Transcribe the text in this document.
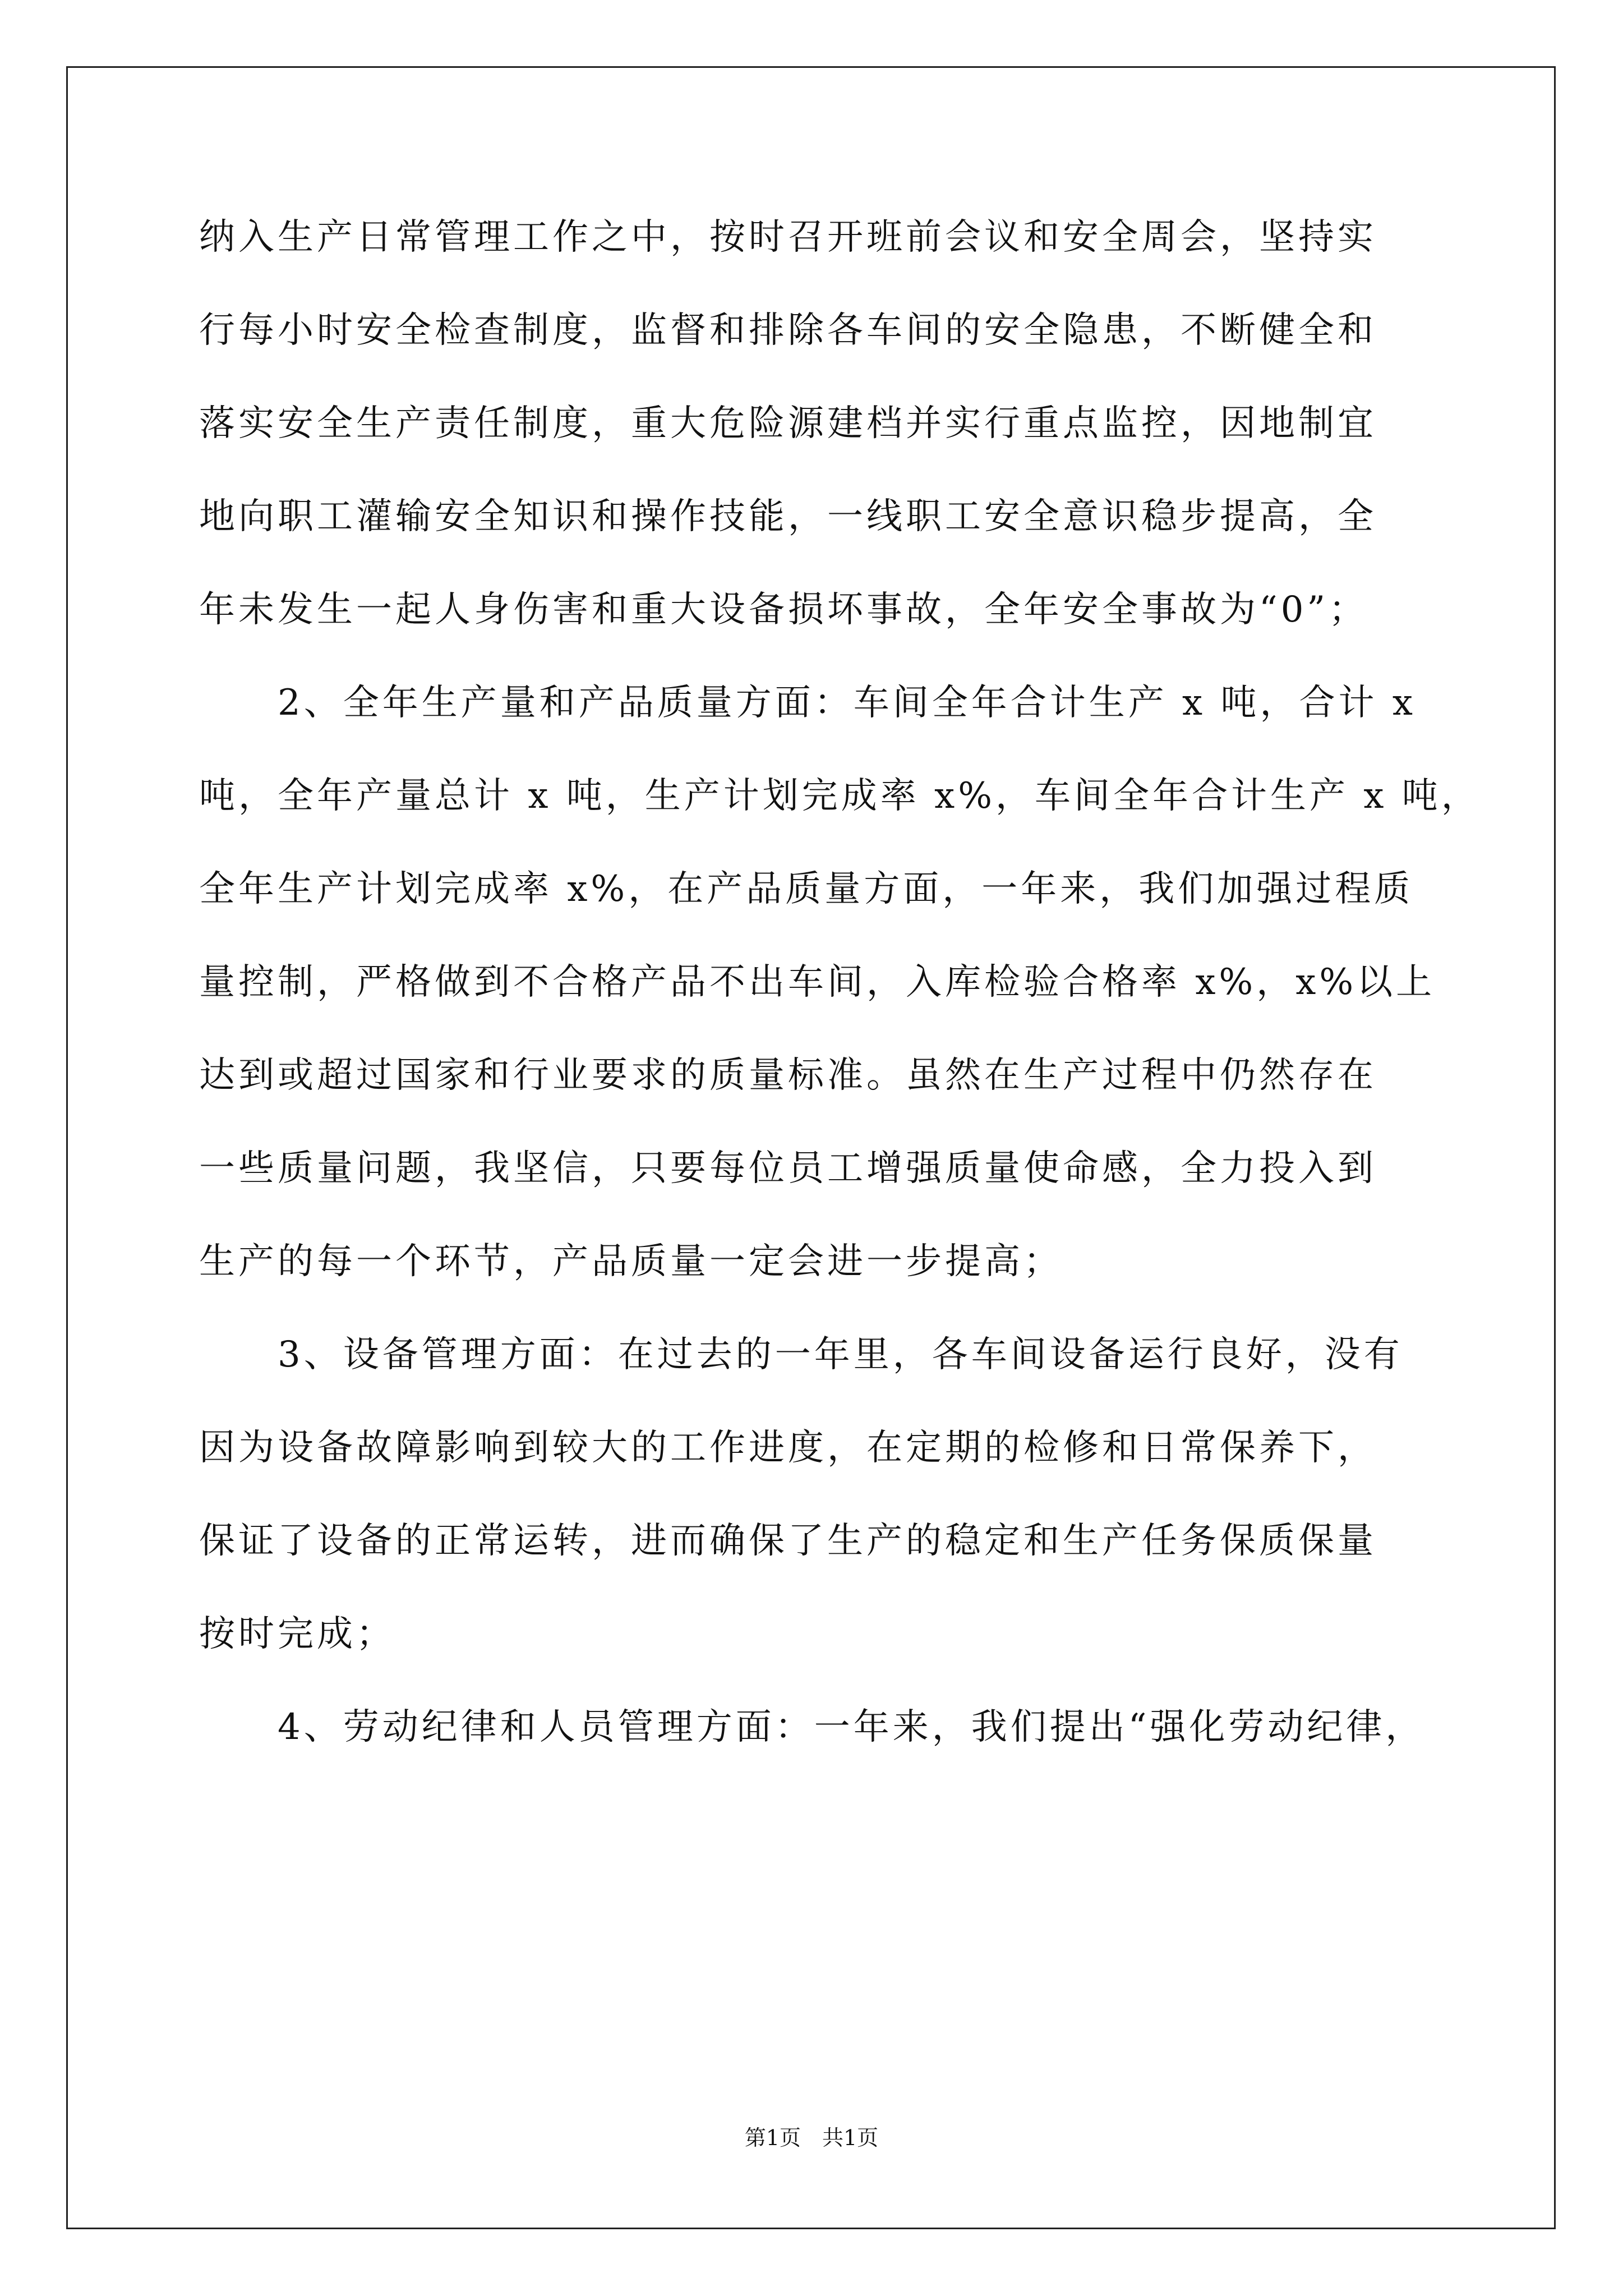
纳入生产日常管理工作之中，按时召开班前会议和安全周会，坚持实
行每小时安全检查制度，监督和排除各车间的安全隐患，不断健全和
落实安全生产责任制度，重大危险源建档并实行重点监控，因地制宜
地向职工灌输安全知识和操作技能，一线职工安全意识稳步提高，全
年未发生一起人身伤害和重大设备损坏事故，全年安全事故为“0”；
　　2、全年生产量和产品质量方面：车间全年合计生产 x 吨，合计 x
吨，全年产量总计 x 吨，生产计划完成率 x%，车间全年合计生产 x 吨，
全年生产计划完成率 x%，在产品质量方面，一年来，我们加强过程质
量控制，严格做到不合格产品不出车间，入库检验合格率 x%，x%以上
达到或超过国家和行业要求的质量标准。虽然在生产过程中仍然存在
一些质量问题，我坚信，只要每位员工增强质量使命感，全力投入到
生产的每一个环节，产品质量一定会进一步提高；
　　3、设备管理方面：在过去的一年里，各车间设备运行良好，没有
因为设备故障影响到较大的工作进度，在定期的检修和日常保养下，
保证了设备的正常运转，进而确保了生产的稳定和生产任务保质保量
按时完成；
　　4、劳动纪律和人员管理方面：一年来，我们提出“强化劳动纪律，
第1页　共1页
